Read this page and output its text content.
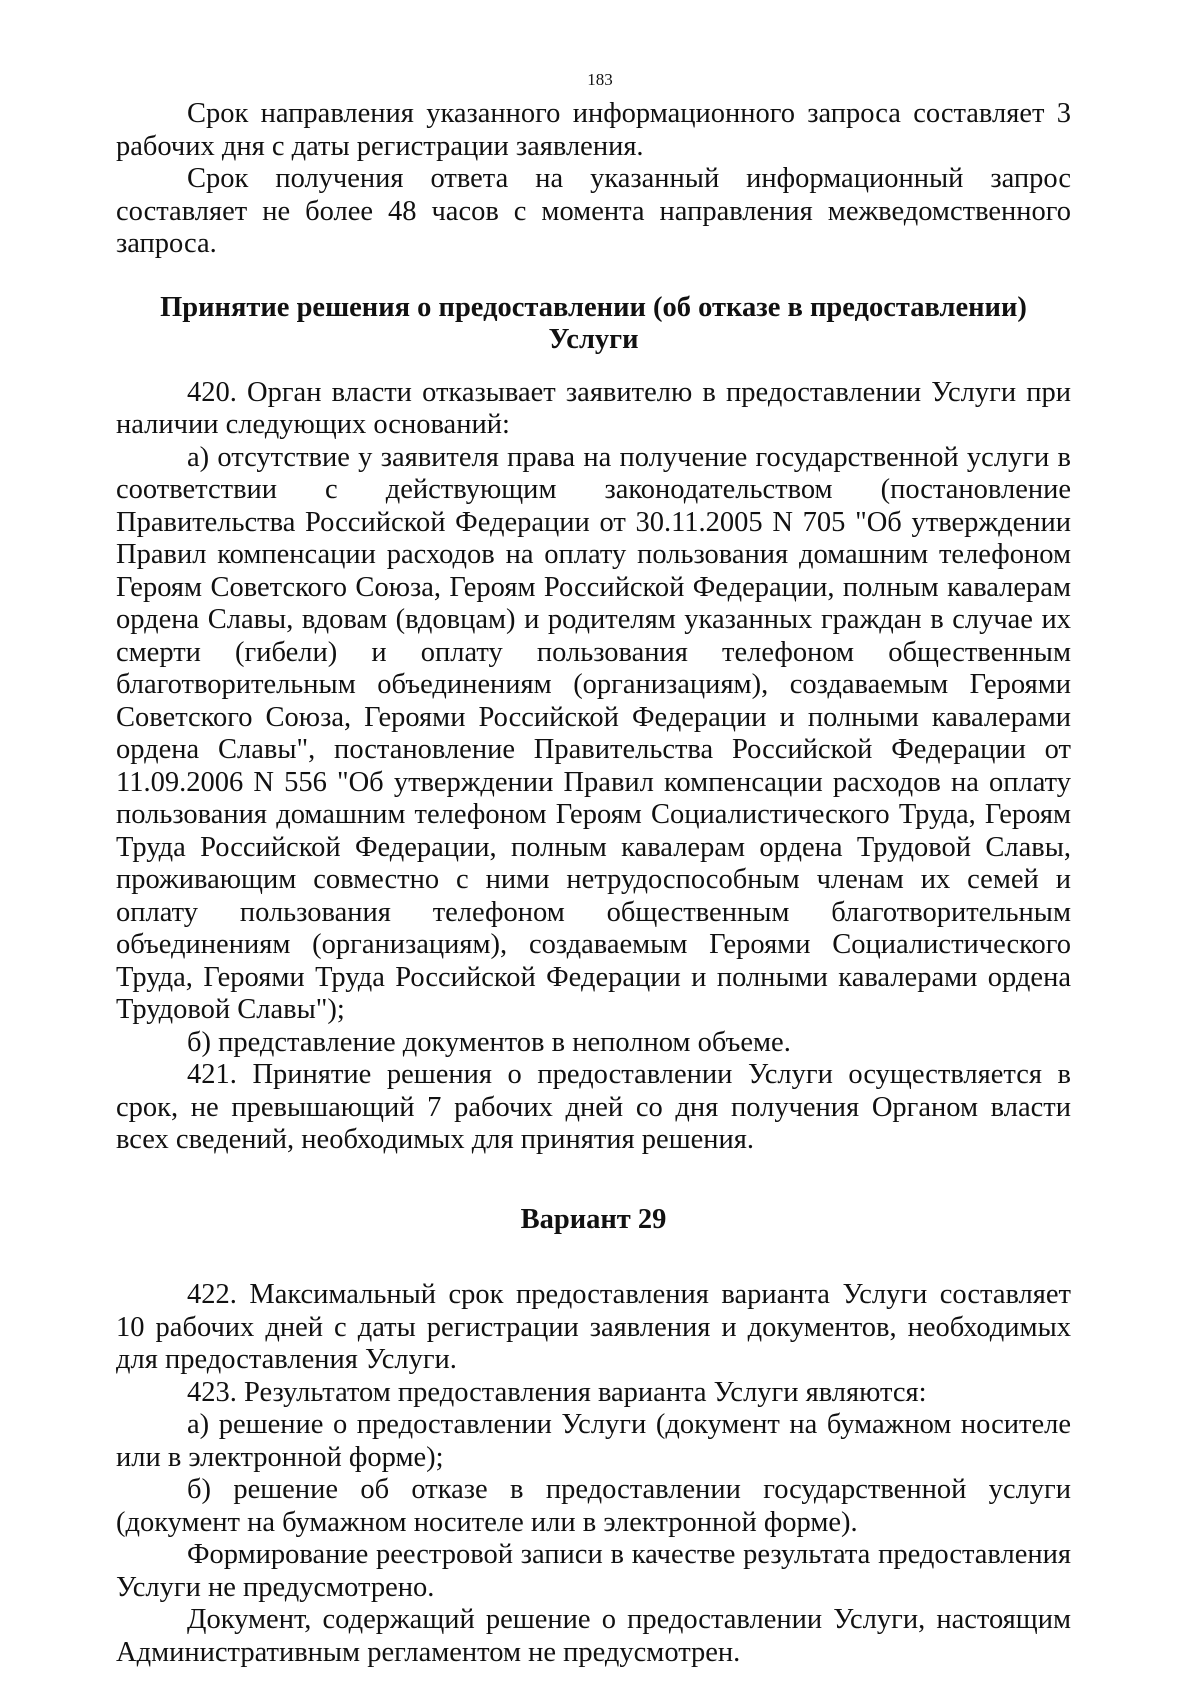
183

Срок направления указанного информационного запроса составляет 3 рабочих дня с даты регистрации заявления.

Срок получения ответа на указанный информационный запрос составляет не более 48 часов с момента направления межведомственного запроса.

Принятие решения о предоставлении (об отказе в предоставлении) Услуги

420. Орган власти отказывает заявителю в предоставлении Услуги при наличии следующих оснований:

а) отсутствие у заявителя права на получение государственной услуги в соответствии с действующим законодательством (постановление Правительства Российской Федерации от 30.11.2005 N 705 "Об утверждении Правил компенсации расходов на оплату пользования домашним телефоном Героям Советского Союза, Героям Российской Федерации, полным кавалерам ордена Славы, вдовам (вдовцам) и родителям указанных граждан в случае их смерти (гибели) и оплату пользования телефоном общественным благотворительным объединениям (организациям), создаваемым Героями Советского Союза, Героями Российской Федерации и полными кавалерами ордена Славы", постановление Правительства Российской Федерации от 11.09.2006 N 556 "Об утверждении Правил компенсации расходов на оплату пользования домашним телефоном Героям Социалистического Труда, Героям Труда Российской Федерации, полным кавалерам ордена Трудовой Славы, проживающим совместно с ними нетрудоспособным членам их семей и оплату пользования телефоном общественным благотворительным объединениям (организациям), создаваемым Героями Социалистического Труда, Героями Труда Российской Федерации и полными кавалерами ордена Трудовой Славы");

б) представление документов в неполном объеме.

421. Принятие решения о предоставлении Услуги осуществляется в срок, не превышающий 7 рабочих дней со дня получения Органом власти всех сведений, необходимых для принятия решения.

Вариант 29

422. Максимальный срок предоставления варианта Услуги составляет 10 рабочих дней с даты регистрации заявления и документов, необходимых для предоставления Услуги.

423. Результатом предоставления варианта Услуги являются:

а) решение о предоставлении Услуги (документ на бумажном носителе или в электронной форме);

б) решение об отказе в предоставлении государственной услуги (документ на бумажном носителе или в электронной форме).

Формирование реестровой записи в качестве результата предоставления Услуги не предусмотрено.

Документ, содержащий решение о предоставлении Услуги, настоящим Административным регламентом не предусмотрен.
